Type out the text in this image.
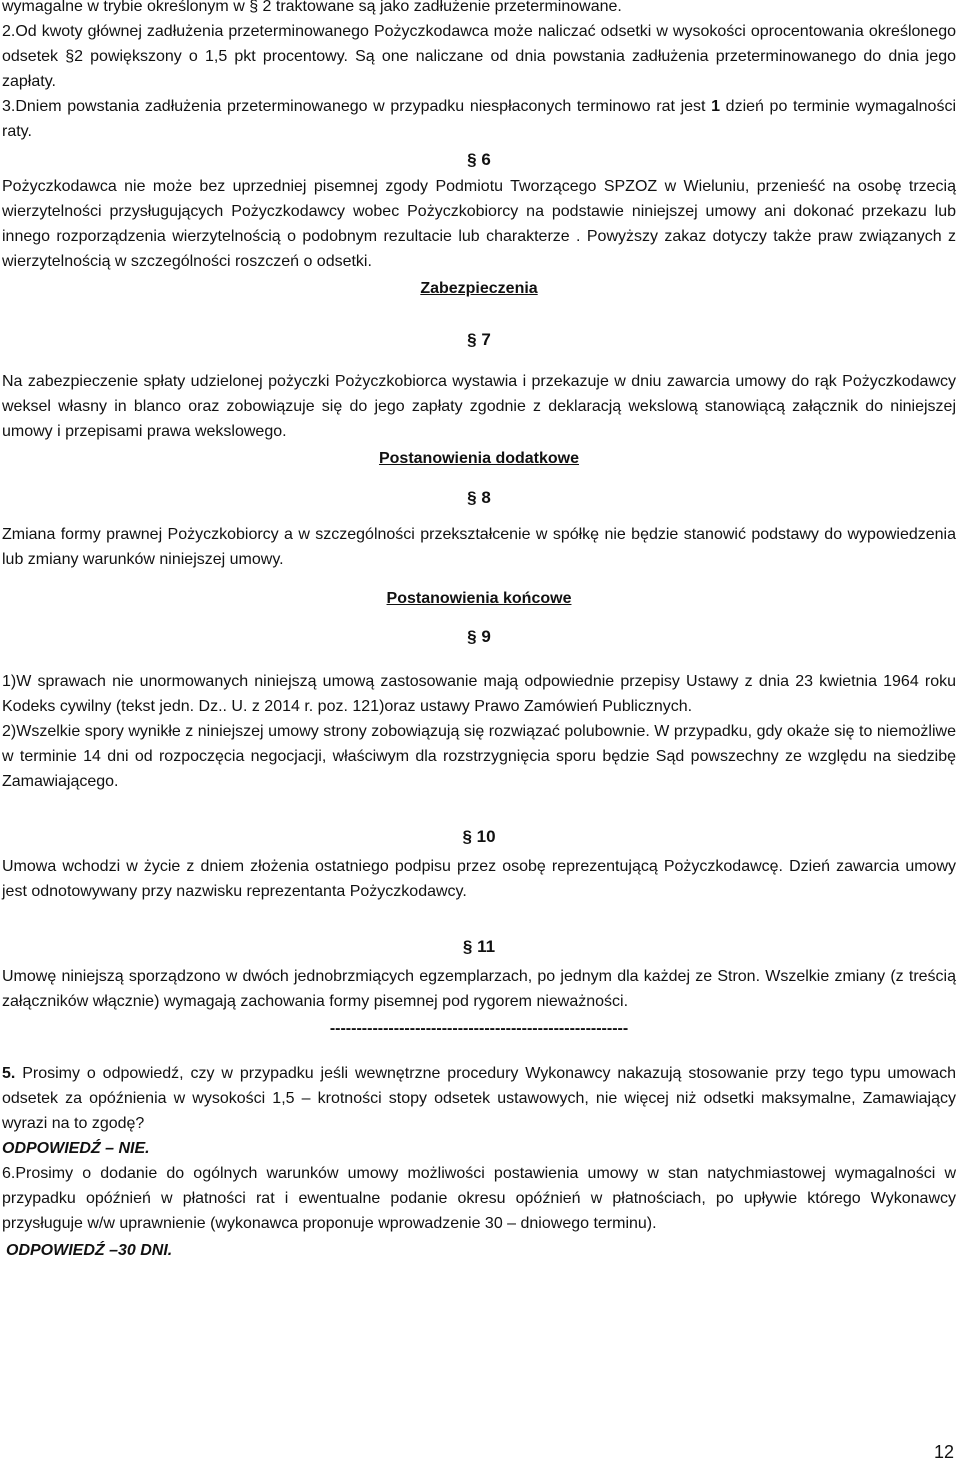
wymagalne w trybie określonym w § 2 traktowane są jako zadłużenie przeterminowane.

2.Od kwoty głównej zadłużenia przeterminowanego Pożyczkodawca może naliczać odsetki w wysokości oprocentowania określonego odsetek §2 powiększony o 1,5 pkt procentowy. Są one naliczane od dnia powstania zadłużenia przeterminowanego do dnia jego zapłaty.

3.Dniem powstania zadłużenia przeterminowanego w przypadku niespłaconych terminowo rat jest 1 dzień po terminie wymagalności raty.

§ 6

Pożyczkodawca nie może bez uprzedniej pisemnej zgody Podmiotu Tworzącego SPZOZ w Wieluniu, przenieść na osobę trzecią wierzytelności przysługujących Pożyczkodawcy wobec Pożyczkobiorcy na podstawie niniejszej umowy ani dokonać przekazu lub innego rozporządzenia wierzytelnością o podobnym rezultacie lub charakterze . Powyższy zakaz dotyczy także praw związanych z wierzytelnością w szczególności roszczeń o odsetki.

Zabezpieczenia

§ 7

Na zabezpieczenie spłaty udzielonej pożyczki Pożyczkobiorca wystawia i przekazuje w dniu zawarcia umowy do rąk Pożyczkodawcy weksel własny in blanco oraz zobowiązuje się do jego zapłaty zgodnie z deklaracją wekslową stanowiącą załącznik do niniejszej umowy i przepisami prawa wekslowego.

Postanowienia dodatkowe

§ 8

Zmiana formy prawnej Pożyczkobiorcy a w szczególności przekształcenie w spółkę nie będzie stanowić podstawy do wypowiedzenia lub zmiany warunków niniejszej umowy.

Postanowienia końcowe

§ 9

1)W sprawach nie unormowanych niniejszą umową zastosowanie mają odpowiednie przepisy Ustawy z dnia 23 kwietnia 1964 roku Kodeks cywilny (tekst jedn. Dz.. U. z 2014 r. poz. 121)oraz ustawy Prawo Zamówień Publicznych.

2)Wszelkie spory wynikłe z niniejszej umowy strony zobowiązują się rozwiązać polubownie. W przypadku, gdy okaże się to niemożliwe w terminie 14 dni od rozpoczęcia negocjacji, właściwym dla rozstrzygnięcia sporu będzie Sąd powszechny ze względu na siedzibę Zamawiającego.

§ 10

Umowa wchodzi w życie z dniem złożenia ostatniego podpisu przez osobę reprezentującą Pożyczkodawcę. Dzień zawarcia umowy jest odnotowywany przy nazwisku reprezentanta Pożyczkodawcy.

§ 11

Umowę niniejszą sporządzono w dwóch jednobrzmiących egzemplarzach, po jednym dla każdej ze Stron. Wszelkie zmiany (z treścią załączników włącznie) wymagają zachowania formy pisemnej pod rygorem nieważności.

--------------------------------------------------------

5. Prosimy o odpowiedź, czy w przypadku jeśli wewnętrzne procedury Wykonawcy nakazują stosowanie przy tego typu umowach odsetek za opóźnienia w wysokości 1,5 – krotności stopy odsetek ustawowych, nie więcej niż odsetki maksymalne, Zamawiający wyrazi na to zgodę?

ODPOWIEDŹ – NIE.

6.Prosimy o dodanie do ogólnych warunków umowy możliwości postawienia umowy w stan natychmiastowej wymagalności w przypadku opóźnień w płatności rat i ewentualne podanie okresu opóźnień w płatnościach, po upływie którego Wykonawcy przysługuje w/w uprawnienie (wykonawca proponuje wprowadzenie 30 – dniowego terminu).

ODPOWIEDŹ –30 DNI.

12
